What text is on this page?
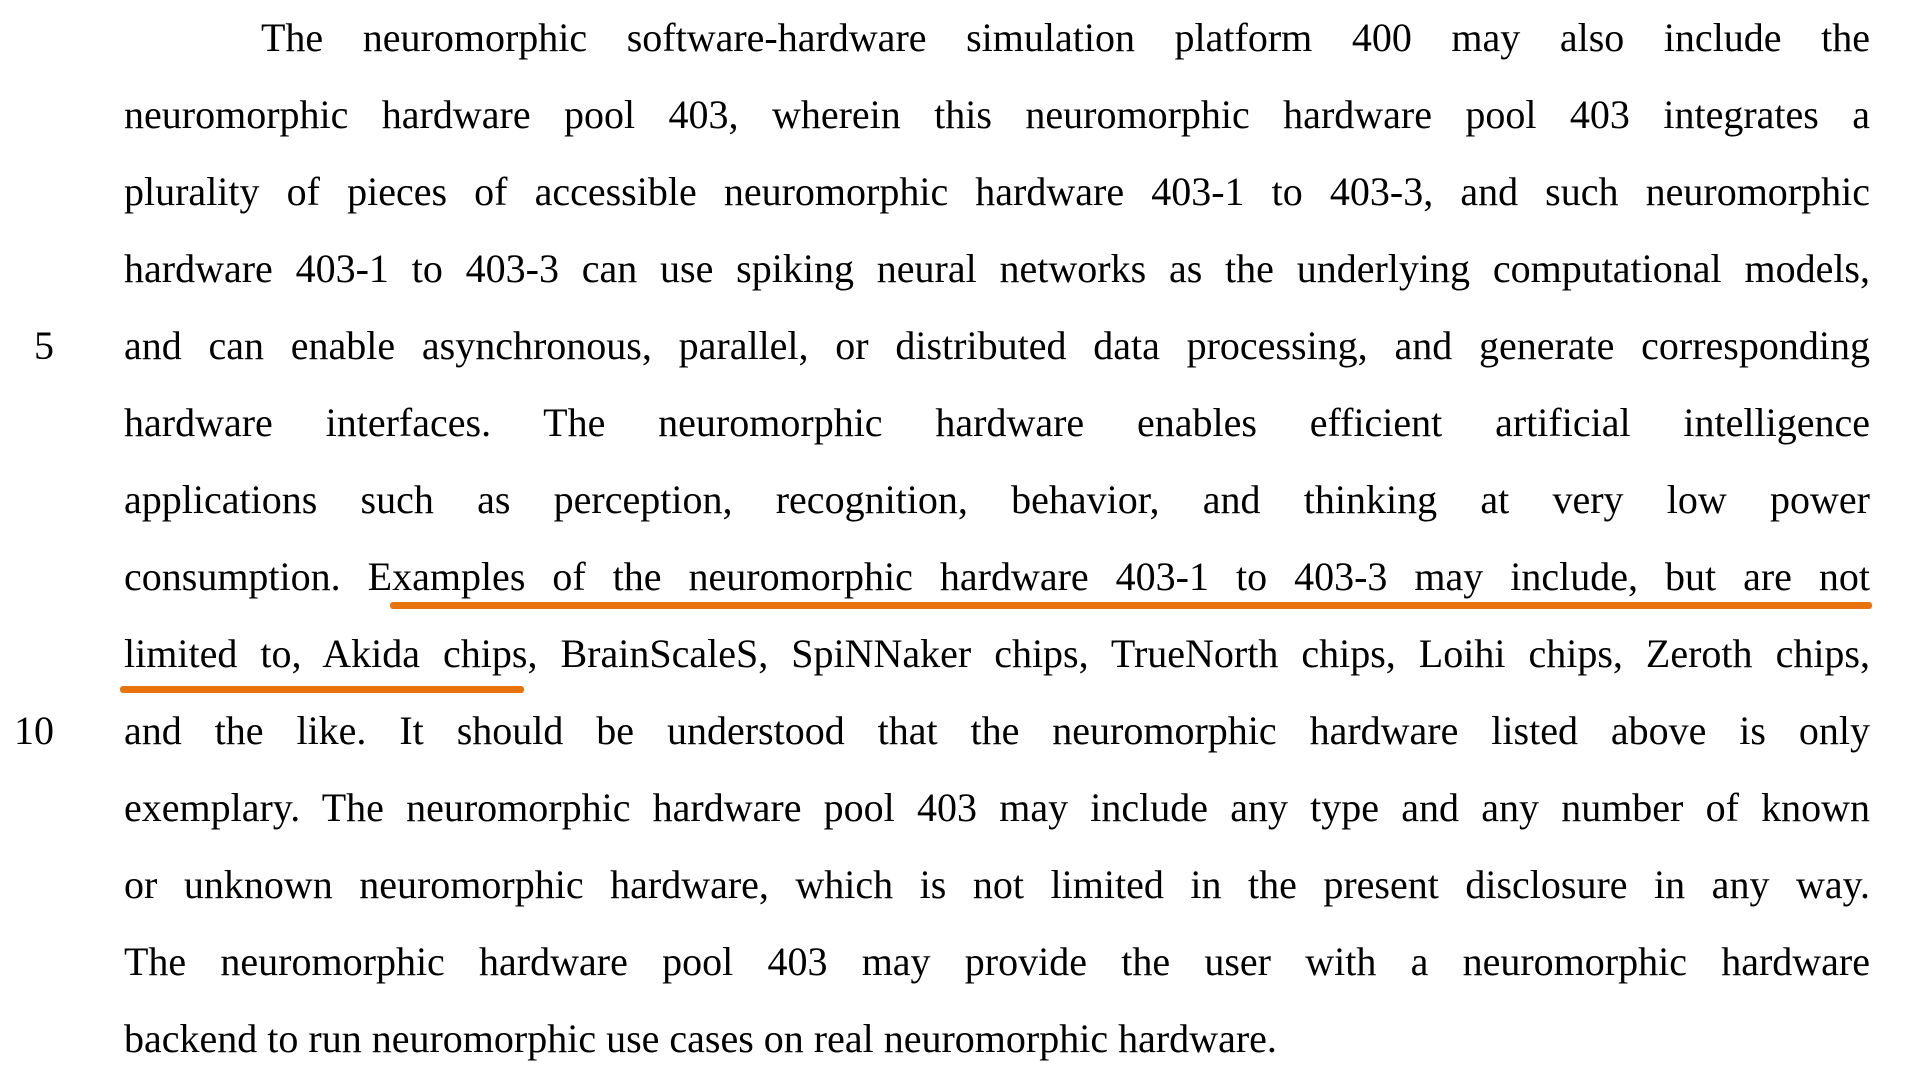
The neuromorphic software-hardware simulation platform 400 may also include the
neuromorphic hardware pool 403, wherein this neuromorphic hardware pool 403 integrates a
plurality of pieces of accessible neuromorphic hardware 403-1 to 403-3, and such neuromorphic
hardware 403-1 to 403-3 can use spiking neural networks as the underlying computational models,
and can enable asynchronous, parallel, or distributed data processing, and generate corresponding
hardware interfaces. The neuromorphic hardware enables efficient artificial intelligence
applications such as perception, recognition, behavior, and thinking at very low power
consumption. Examples of the neuromorphic hardware 403-1 to 403-3 may include, but are not
limited to, Akida chips, BrainScaleS, SpiNNaker chips, TrueNorth chips, Loihi chips, Zeroth chips,
and the like. It should be understood that the neuromorphic hardware listed above is only
exemplary. The neuromorphic hardware pool 403 may include any type and any number of known
or unknown neuromorphic hardware, which is not limited in the present disclosure in any way.
The neuromorphic hardware pool 403 may provide the user with a neuromorphic hardware
backend to run neuromorphic use cases on real neuromorphic hardware.
5
10
